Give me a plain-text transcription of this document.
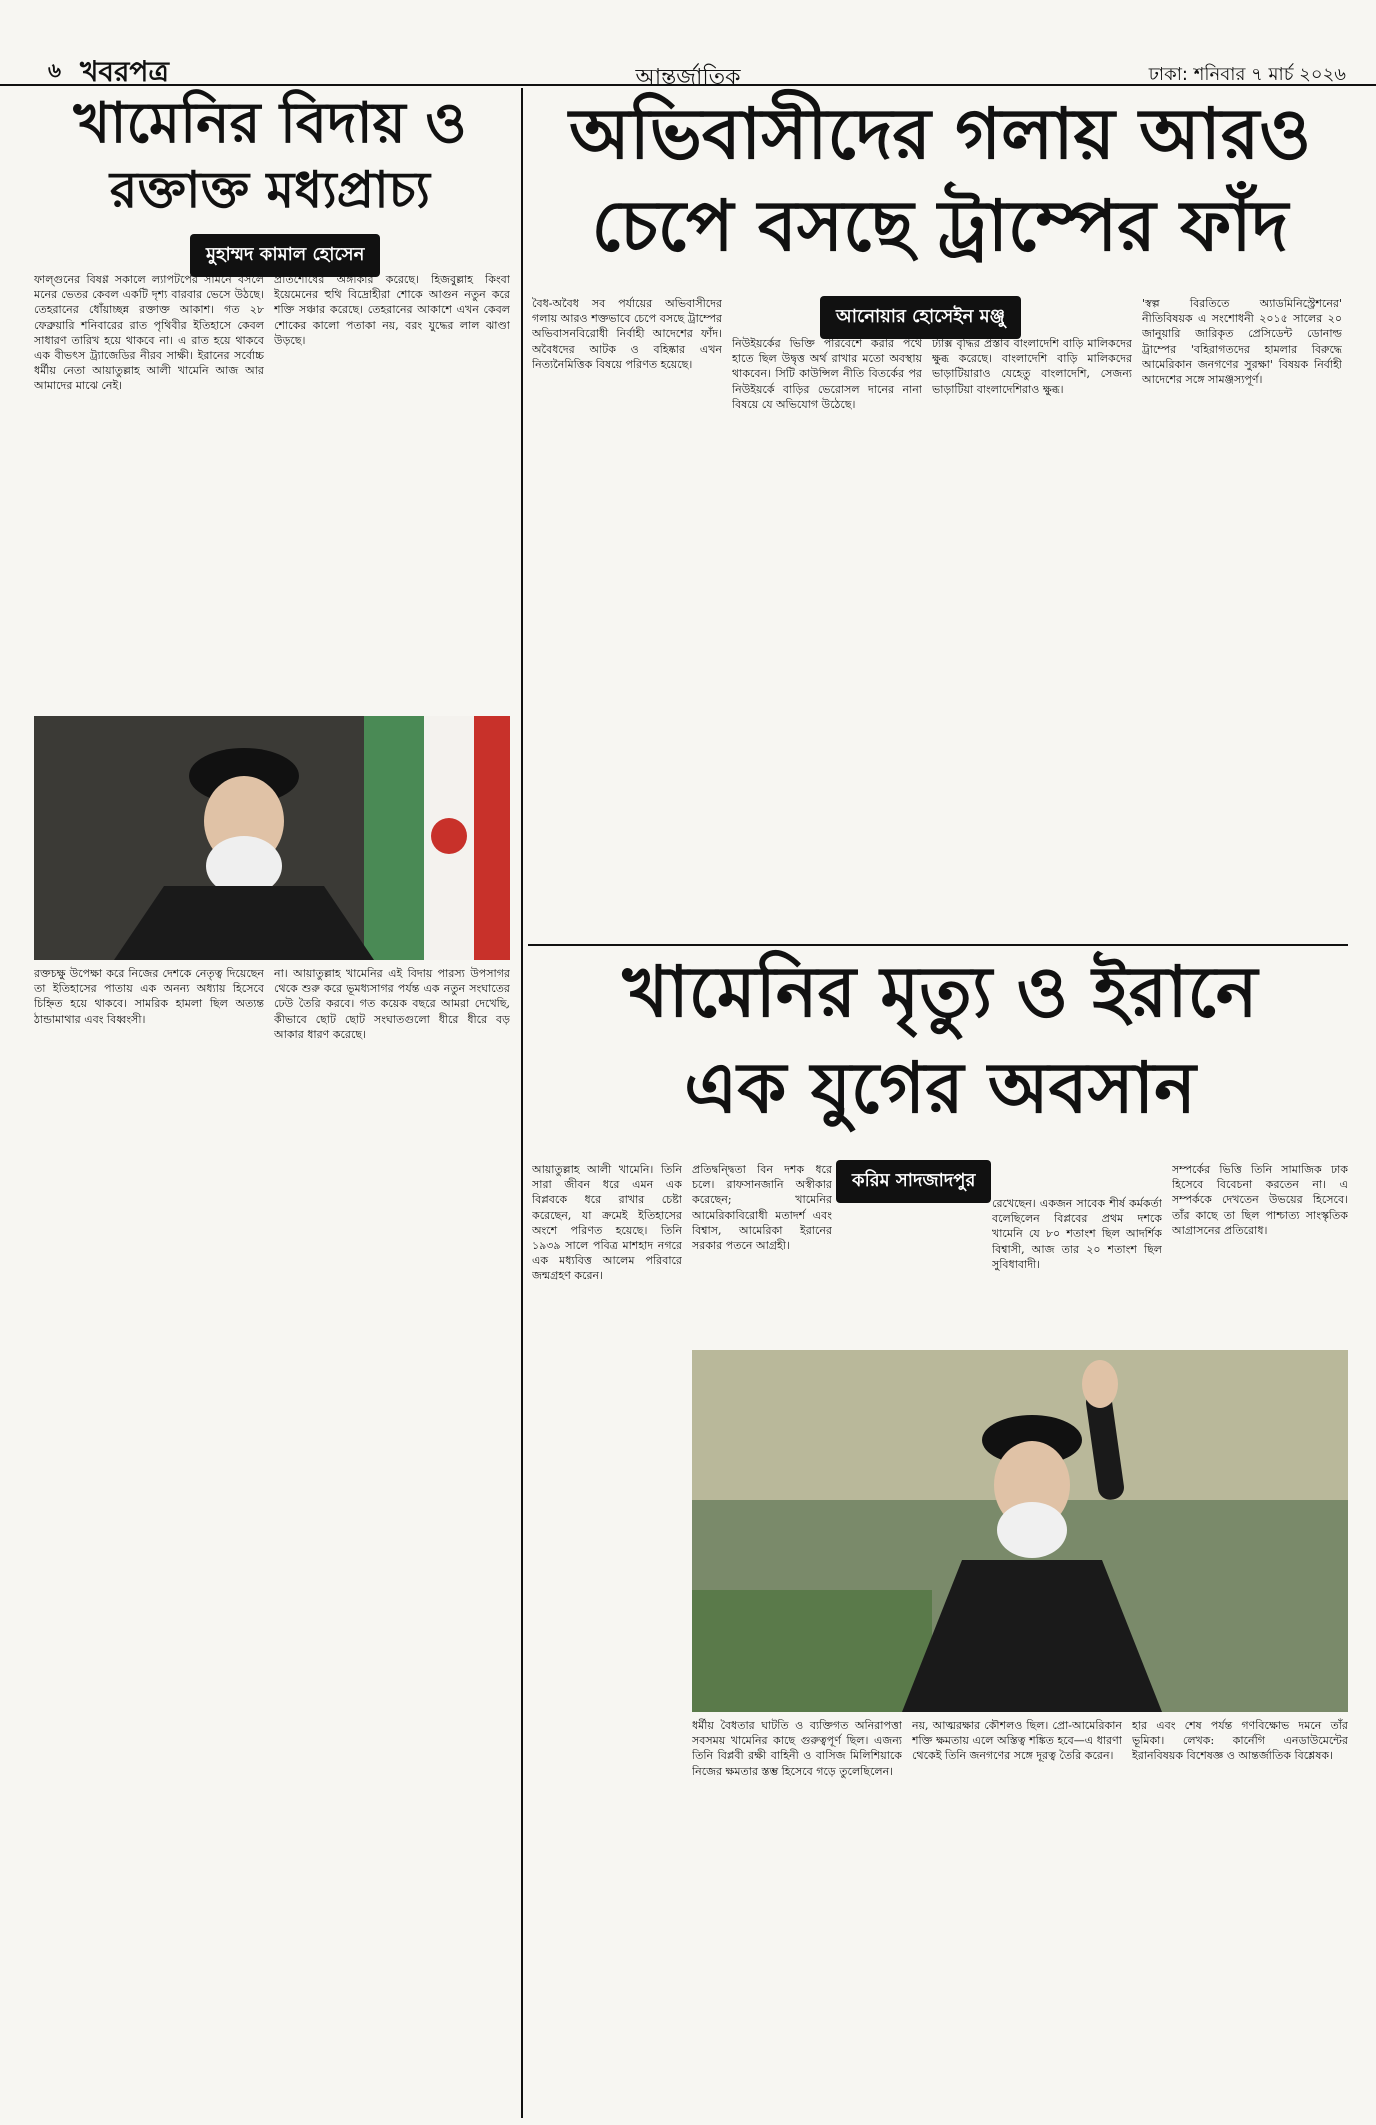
৬ খবরপত্র	আন্তর্জাতিক	ঢাকা: শনিবার ৭ মার্চ ২০২৬
খামেনির বিদায় ও
রক্তাক্ত মধ্যপ্রাচ্য
মুহাম্মদ কামাল হোসেন
ফাল্গুনের বিষণ্ণ সকালে ল্যাপটপের সামনে বসলে মনের ভেতর কেবল একটি দৃশ্য বারবার ভেসে উঠছে। তেহরানের ধোঁয়াচ্ছন্ন রক্তাক্ত আকাশ। গত ২৮ ফেব্রুয়ারি শনিবারের রাত পৃথিবীর ইতিহাসে কেবল সাধারণ তারিখ হয়ে থাকবে না। এ রাত হয়ে থাকবে এক বীভৎস ট্র্যাজেডির নীরব সাক্ষী। ইরানের সর্বোচ্চ ধর্মীয় নেতা আয়াতুল্লাহ আলী খামেনি আজ আর আমাদের মাঝে নেই।
প্রতিশোধের অঙ্গীকার করেছে। হিজবুল্লাহ কিংবা ইয়েমেনের হুথি বিদ্রোহীরা শোকে আগুন নতুন করে শক্তি সঞ্চার করেছে। তেহরানের আকাশে এখন কেবল শোকের কালো পতাকা নয়, বরং যুদ্ধের লাল ঝাণ্ডা উড়ছে।
রক্তচক্ষু উপেক্ষা করে নিজের দেশকে নেতৃত্ব দিয়েছেন তা ইতিহাসের পাতায় এক অনন্য অধ্যায় হিসেবে চিহ্নিত হয়ে থাকবে। সামরিক হামলা ছিল অত্যন্ত ঠান্ডামাথার এবং বিধ্বংসী।
না। আয়াতুল্লাহ খামেনির এই বিদায় পারস্য উপসাগর থেকে শুরু করে ভূমধ্যসাগর পর্যন্ত এক নতুন সংঘাতের ঢেউ তৈরি করবে। গত কয়েক বছরে আমরা দেখেছি, কীভাবে ছোট ছোট সংঘাতগুলো ধীরে ধীরে বড় আকার ধারণ করেছে।
অভিবাসীদের গলায় আরও
চেপে বসছে ট্রাম্পের ফাঁদ
আনোয়ার হোসেইন মঞ্জু
বৈধ-অবৈধ সব পর্যায়ের অভিবাসীদের গলায় আরও শক্তভাবে চেপে বসছে ট্রাম্পের অভিবাসনবিরোধী নির্বাহী আদেশের ফাঁদ। অবৈধদের আটক ও বহিষ্কার এখন নিত্যনৈমিত্তিক বিষয়ে পরিণত হয়েছে।
নিউইয়র্কের ভিক্তি পরিবেশে করার পথে হাতে ছিল উদ্বৃত্ত অর্থ রাখার মতো অবস্থায় থাকবেন। সিটি কাউন্সিল নীতি বিতর্কের পর নিউইয়র্কে বাড়ির ভেরোসল দানের নানা বিষয়ে যে অভিযোগ উঠেছে।
ট্যাক্স বৃদ্ধির প্রস্তাব বাংলাদেশি বাড়ি মালিকদের ক্ষুব্ধ করেছে। বাংলাদেশি বাড়ি মালিকদের ভাড়াটিয়ারাও যেহেতু বাংলাদেশি, সেজন্য ভাড়াটিয়া বাংলাদেশিরাও ক্ষুব্ধ।
'স্বল্প বিরতিতে অ্যাডমিনিস্ট্রেশনের' নীতিবিষয়ক এ সংশোধনী ২০১৫ সালের ২০ জানুয়ারি জারিকৃত প্রেসিডেন্ট ডোনাল্ড ট্রাম্পের 'বহিরাগতদের হামলার বিরুদ্ধে আমেরিকান জনগণের সুরক্ষা' বিষয়ক নির্বাহী আদেশের সঙ্গে সামঞ্জস্যপূর্ণ।
খামেনির মৃত্যু ও ইরানে
এক যুগের অবসান
করিম সাদজাদপুর
আয়াতুল্লাহ আলী খামেনি। তিনি সারা জীবন ধরে এমন এক বিপ্লবকে ধরে রাখার চেষ্টা করেছেন, যা ক্রমেই ইতিহাসের অংশে পরিণত হয়েছে। তিনি ১৯৩৯ সালে পবিত্র মাশহাদ নগরে এক মধ্যবিত্ত আলেম পরিবারে জন্মগ্রহণ করেন।
প্রতিদ্বন্দ্বিতা বিন দশক ধরে চলে। রাফসানজানি অস্বীকার করেছেন; খামেনির আমেরিকাবিরোধী মতাদর্শ এবং বিশ্বাস, আমেরিকা ইরানের সরকার পতনে আগ্রহী।
রেখেছেন। একজন সাবেক শীর্ষ কর্মকর্তা বলেছিলেন বিপ্লবের প্রথম দশকে খামেনি যে ৮০ শতাংশ ছিল আদর্শিক বিশ্বাসী, আজ তার ২০ শতাংশ ছিল সুবিধাবাদী।
সম্পর্কের ভিত্তি তিনি সামাজিক ঢাক হিসেবে বিবেচনা করতেন না। এ সম্পর্ককে দেখতেন উভয়ের হিসেবে। তাঁর কাছে তা ছিল পাশ্চাত্য সাংস্কৃতিক আগ্রাসনের প্রতিরোধ।
ধর্মীয় বৈধতার ঘাটতি ও ব্যক্তিগত অনিরাপত্তা সবসময় খামেনির কাছে গুরুত্বপূর্ণ ছিল। এজন্য তিনি বিপ্লবী রক্ষী বাহিনী ও বাসিজ মিলিশিয়াকে নিজের ক্ষমতার স্তম্ভ হিসেবে গড়ে তুলেছিলেন।
নয়, আত্মরক্ষার কৌশলও ছিল। প্রো-আমেরিকান শক্তি ক্ষমতায় এলে অস্তিত্ব শঙ্কিত হবে—এ ধারণা থেকেই তিনি জনগণের সঙ্গে দূরত্ব তৈরি করেন।
হার এবং শেষ পর্যন্ত গণবিক্ষোভ দমনে তাঁর ভূমিকা। লেখক: কার্নেগি এনডাউমেন্টের ইরানবিষয়ক বিশেষজ্ঞ ও আন্তর্জাতিক বিশ্লেষক।
